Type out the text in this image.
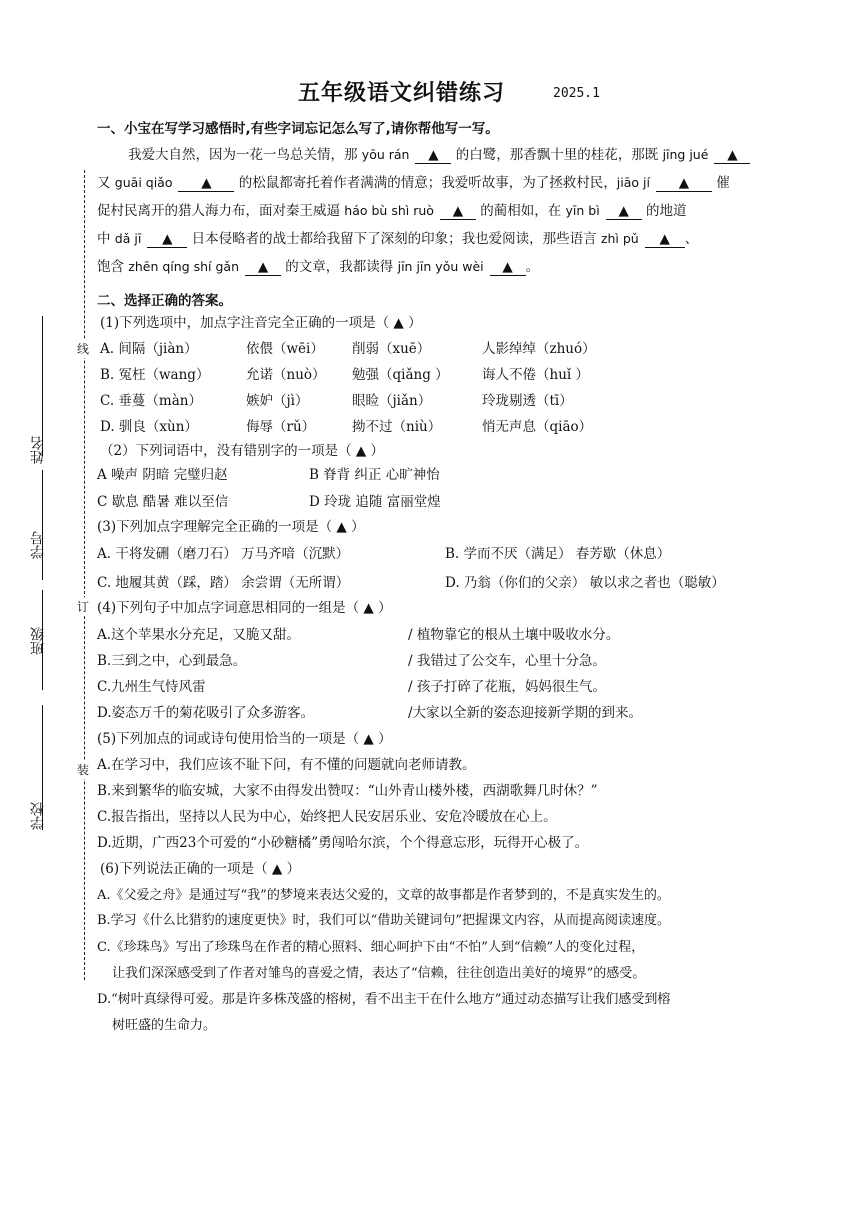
五年级语文纠错练习	2025.1
一、小宝在写学习感悟时,有些字词忘记怎么写了,请你帮他写一写。
我爱大自然，因为一花一鸟总关情，那 yōu rán ▲ 的白鹭，那香飘十里的桂花，那既 jīng jué ▲
又 guāi qiǎo ▲ 的松鼠都寄托着作者满满的情意；我爱听故事，为了拯救村民，jiāo jí ▲ 催
促村民离开的猎人海力布，面对秦王威逼 háo bù shì ruò ▲ 的蔺相如，在 yīn bì ▲ 的地道
中 dǎ jī ▲ 日本侵略者的战士都给我留下了深刻的印象；我也爱阅读，那些语言 zhì pǔ ▲ 、
饱含 zhēn qíng shí gǎn ▲ 的文章，我都读得 jīn jīn yǒu wèi ▲ 。
二、选择正确的答案。
(1)下列选项中，加点字注音完全正确的一项是（ ▲ ）
A. 间隔（jiàn）	依偎（wēi） 削弱（xuē）	人影绰绰（zhuó）
B. 冤枉（wang）	允诺（nuò） 勉强（qiǎng ） 诲人不倦（huǐ ）
C. 垂蔓（màn）	嫉妒（jì）	眼睑（jiǎn）	玲珑剔透（tī）
D. 驯良（xùn）	侮辱（rǔ）	拗不过（niù）	悄无声息（qiāo）
（2）下列词语中，没有错别字的一项是（ ▲ ）
A 噪声 阴暗 完璧归赵	B 脊背 纠正 心旷神怡
C 歇息 酷暑 难以至信	D 玲珑 追随 富丽堂煌
(3)下列加点字理解完全正确的一项是（ ▲ ）
A. 干将发硎（磨刀石） 万马齐喑（沉默）	B. 学而不厌（满足） 春芳歇（休息）
C. 地履其黄（踩，踏） 余尝谓（无所谓）	D. 乃翁（你们的父亲） 敏以求之者也（聪敏）
(4)下列句子中加点字词意思相同的一组是（ ▲ ）
A.这个苹果水分充足，又脆又甜。	/ 植物靠它的根从土壤中吸收水分。
B.三到之中，心到最急。	/ 我错过了公交车，心里十分急。
C.九州生气恃风雷	/ 孩子打碎了花瓶，妈妈很生气。
D.姿态万千的菊花吸引了众多游客。	/大家以全新的姿态迎接新学期的到来。
(5)下列加点的词或诗句使用恰当的一项是（ ▲ ）
A.在学习中，我们应该不耻下问，有不懂的问题就向老师请教。
B.来到繁华的临安城，大家不由得发出赞叹：“山外青山楼外楼，西湖歌舞几时休？”
C.报告指出，坚持以人民为中心，始终把人民安居乐业、安危冷暖放在心上。
D.近期，广西23个可爱的“小砂糖橘”勇闯哈尔滨，个个得意忘形，玩得开心极了。
(6)下列说法正确的一项是（ ▲ ）
A.《父爱之舟》是通过写“我”的梦境来表达父爱的，文章的故事都是作者梦到的，不是真实发生的。
B.学习《什么比猎豹的速度更快》时，我们可以“借助关键词句”把握课文内容，从而提高阅读速度。
C.《珍珠鸟》写出了珍珠鸟在作者的精心照料、细心呵护下由“不怕”人到“信赖”人的变化过程，
让我们深深感受到了作者对雏鸟的喜爱之情，表达了“信赖，往往创造出美好的境界”的感受。
D.“树叶真绿得可爱。那是许多株茂盛的榕树，看不出主干在什么地方”通过动态描写让我们感受到榕
树旺盛的生命力。
线
订
装
姓名
学号
班级
学校
